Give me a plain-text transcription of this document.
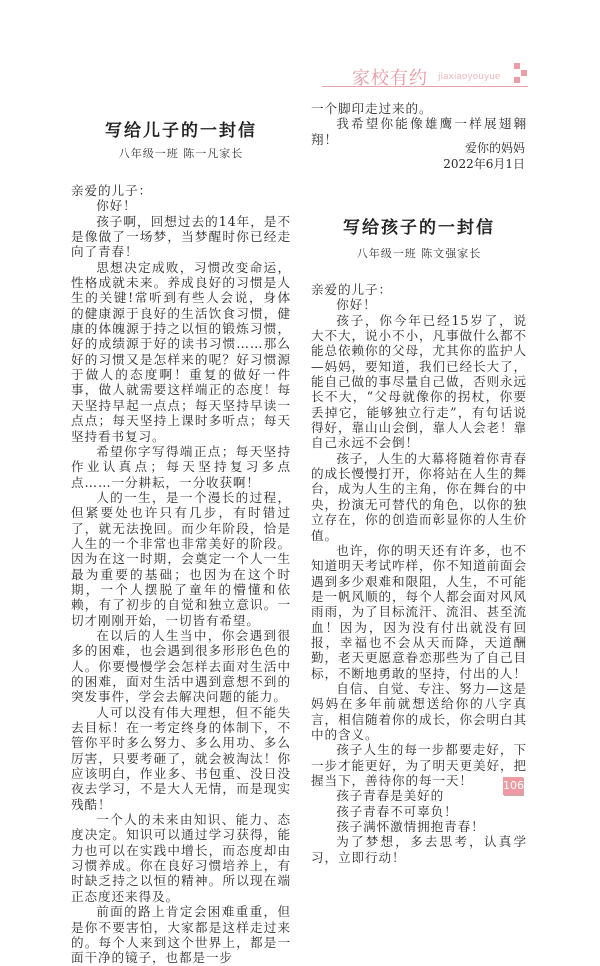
家校有约 jiaxiaoyouyue
写给儿子的一封信
八年级一班 陈一凡家长

亲爱的儿子：

你好！

孩子啊，回想过去的14年，是不是像做了一场梦，当梦醒时你已经走向了青春！

思想决定成败，习惯改变命运，性格成就未来。养成良好的习惯是人生的关键!常听到有些人会说，身体的健康源于良好的生活饮食习惯，健康的体魄源于持之以恒的锻炼习惯，好的成绩源于好的读书习惯……那么好的习惯又是怎样来的呢？好习惯源于做人的态度啊！重复的做好一件事，做人就需要这样端正的态度！每天坚持早起一点点；每天坚持早读一点点；每天坚持上课时多听点；每天坚持看书复习。

希望你字写得端正点；每天坚持作业认真点；每天坚持复习多点点……一分耕耘，一分收获啊！

人的一生，是一个漫长的过程，但紧要处也许只有几步，有时错过了，就无法挽回。而少年阶段，恰是人生的一个非常也非常美好的阶段。因为在这一时期，会奠定一个人一生最为重要的基础；也因为在这个时期，一个人摆脱了童年的懵懂和依赖，有了初步的自觉和独立意识。一切才刚刚开始，一切皆有希望。

在以后的人生当中，你会遇到很多的困难，也会遇到很多形形色色的人。你要慢慢学会怎样去面对生活中的困难，面对生活中遇到意想不到的突发事件，学会去解决问题的能力。

人可以没有伟大理想，但不能失去目标！在一考定终身的体制下，不管你平时多么努力、多么用功、多么厉害，只要考砸了，就会被淘汰！你应该明白，作业多、书包重、没日没夜去学习，不是大人无情，而是现实残酷！

一个人的未来由知识、能力、态度决定。知识可以通过学习获得，能力也可以在实践中增长，而态度却由习惯养成。你在良好习惯培养上，有时缺乏持之以恒的精神。所以现在端正态度还来得及。

前面的路上肯定会困难重重，但是你不要害怕，大家都是这样走过来的。每个人来到这个世界上，都是一面干净的镜子，也都是一步

一个脚印走过来的。

我希望你能像雄鹰一样展翅翱翔！

爱你的妈妈
2022年6月1日
写给孩子的一封信
八年级一班 陈文强家长

亲爱的儿子：

你好！

孩子，你今年已经15岁了，说大不大，说小不小，凡事做什么都不能总依赖你的父母，尤其你的监护人—妈妈，要知道，我们已经长大了，能自己做的事尽量自己做，否则永远长不大，“父母就像你的拐杖，你要丢掉它，能够独立行走”，有句话说得好，靠山山会倒，靠人人会老！靠自己永远不会倒！

孩子，人生的大幕将随着你青春的成长慢慢打开，你将站在人生的舞台，成为人生的主角，你在舞台的中央，扮演无可替代的角色，以你的独立存在，你的创造而彰显你的人生价值。

也许，你的明天还有许多，也不知道明天考试咋样，你不知道前面会遇到多少艰难和限阻，人生，不可能是一帆风顺的，每个人都会面对风风雨雨，为了目标流汗、流泪、甚至流血！因为，因为没有付出就没有回报，幸福也不会从天而降，天道酬勤，老天更愿意眷恋那些为了自己目标，不断地勇敢的坚持，付出的人！

自信、自觉、专注、努力—这是妈妈在多年前就想送给你的八字真言，相信随着你的成长，你会明白其中的含义。

孩子人生的每一步都要走好，下一步才能更好，为了明天更美好，把握当下，善待你的每一天！

孩子青春是美好的

孩子青春不可辜负！

孩子满怀激情拥抱青春！

为了梦想，多去思考，认真学习，立即行动！

106
